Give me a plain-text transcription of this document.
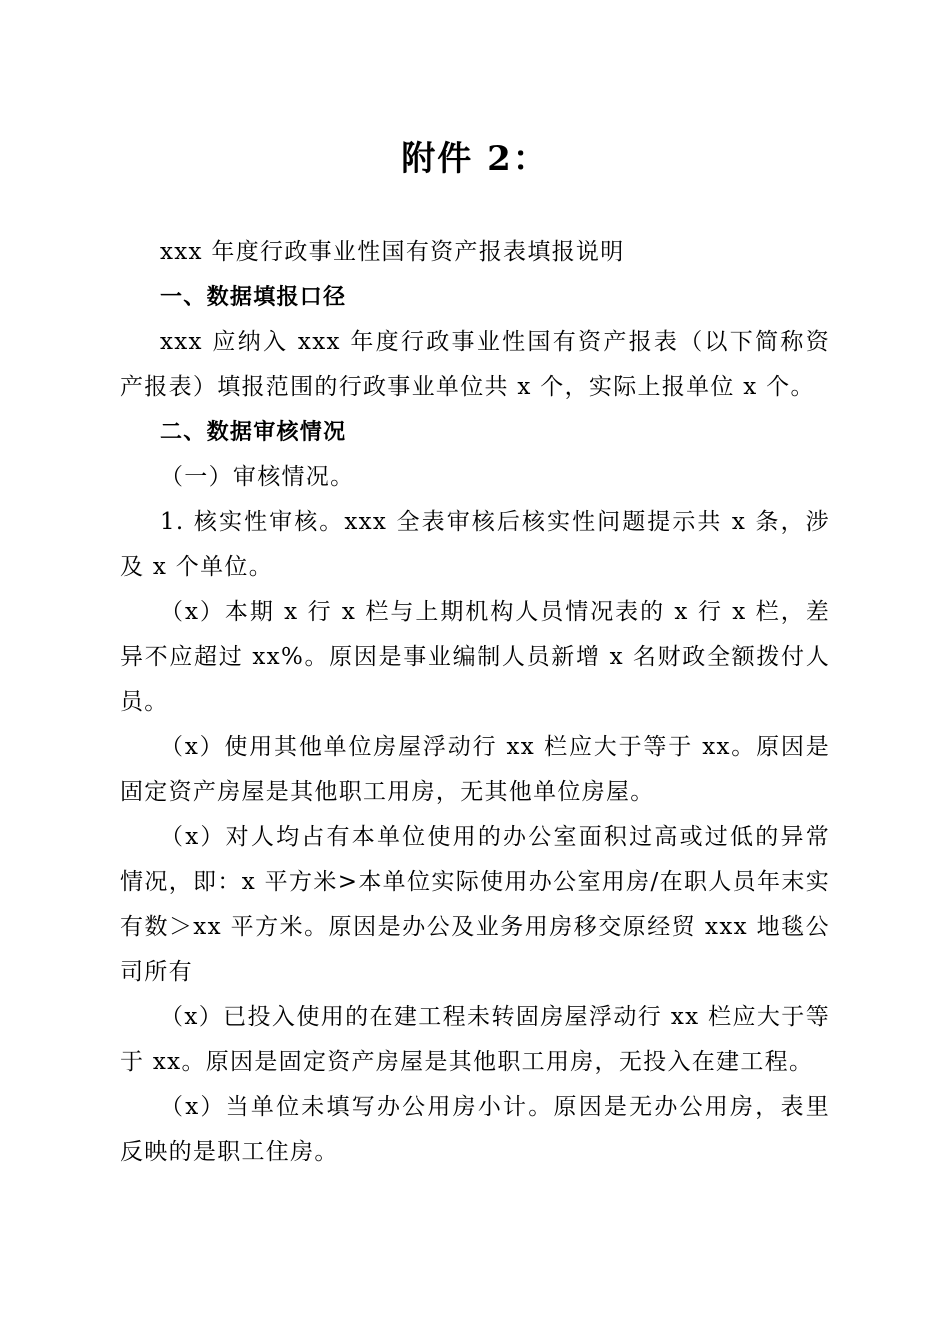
附件 2：

xxx 年度行政事业性国有资产报表填报说明

一、数据填报口径

xxx 应纳入 xxx 年度行政事业性国有资产报表（以下简称资产报表）填报范围的行政事业单位共 x 个，实际上报单位 x 个。

二、数据审核情况

（一）审核情况。

1. 核实性审核。xxx 全表审核后核实性问题提示共 x 条，涉及 x 个单位。

（x）本期 x 行 x 栏与上期机构人员情况表的 x 行 x 栏，差异不应超过 xx%。原因是事业编制人员新增 x 名财政全额拨付人员。

（x）使用其他单位房屋浮动行 xx 栏应大于等于 xx。原因是固定资产房屋是其他职工用房，无其他单位房屋。

（x）对人均占有本单位使用的办公室面积过高或过低的异常情况，即：x 平方米>本单位实际使用办公室用房/在职人员年末实有数＞xx 平方米。原因是办公及业务用房移交原经贸 xxx 地毯公司所有

（x）已投入使用的在建工程未转固房屋浮动行 xx 栏应大于等于 xx。原因是固定资产房屋是其他职工用房，无投入在建工程。

（x）当单位未填写办公用房小计。原因是无办公用房，表里反映的是职工住房。
